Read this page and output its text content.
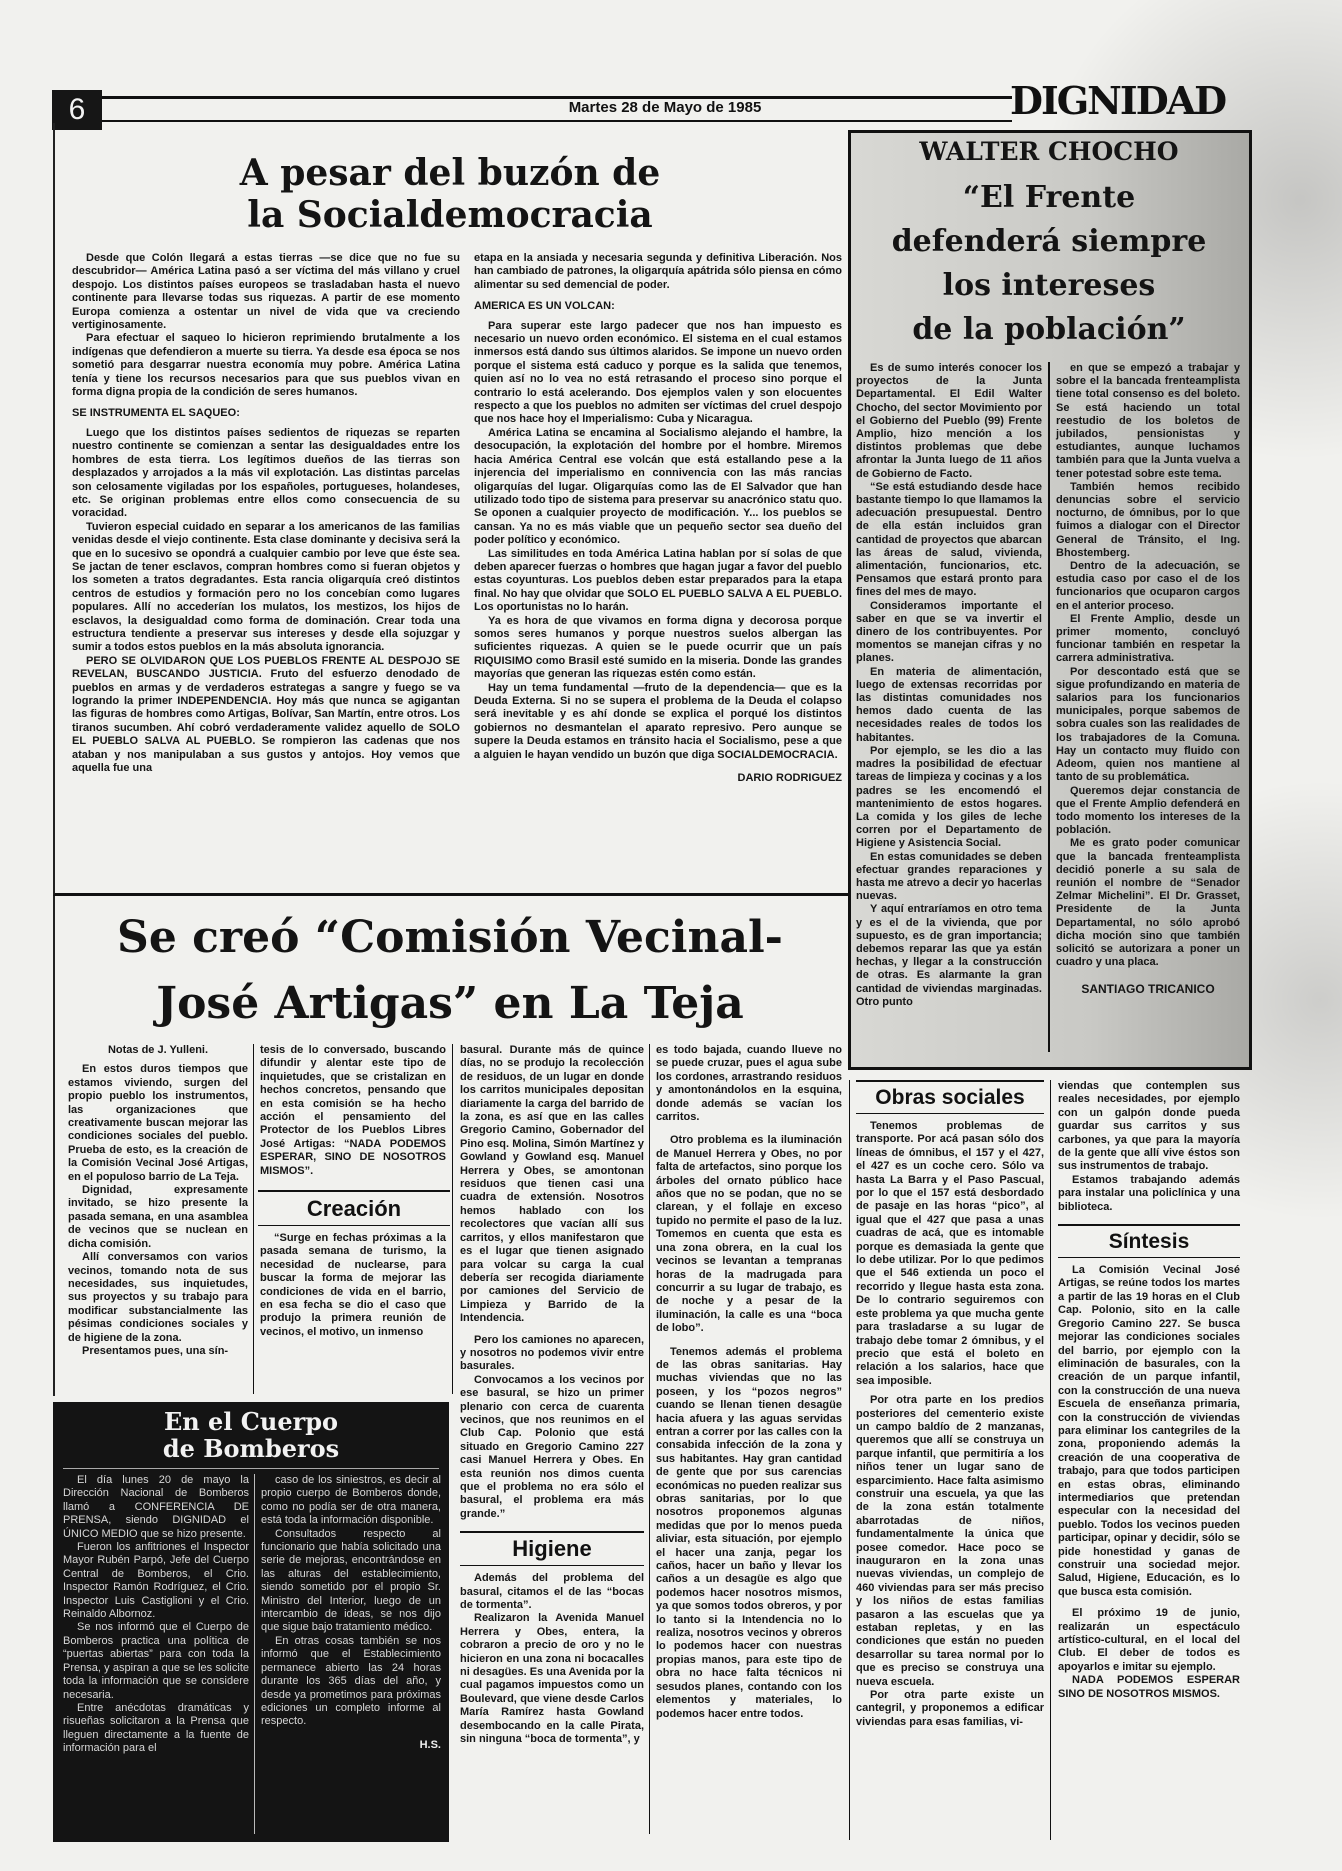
6	Martes 28 de Mayo de 1985	DIGNIDAD
A pesar del buzón de
la Socialdemocracia

Desde que Colón llegará a estas tierras —se dice que no fue su descubridor— América Latina pasó a ser víctima del más villano y cruel despojo. Los distintos países europeos se trasladaban hasta el nuevo continente para llevarse todas sus riquezas. A partir de ese momento Europa comienza a ostentar un nivel de vida que va creciendo vertiginosamente.

Para efectuar el saqueo lo hicieron reprimiendo brutalmente a los indígenas que defendieron a muerte su tierra. Ya desde esa época se nos sometió para desgarrar nuestra economía muy pobre. América Latina tenía y tiene los recursos necesarios para que sus pueblos vivan en forma digna propia de la condición de seres humanos.

SE INSTRUMENTA EL SAQUEO:

Luego que los distintos países sedientos de riquezas se reparten nuestro continente se comienzan a sentar las desigualdades entre los hombres de esta tierra. Los legítimos dueños de las tierras son desplazados y arrojados a la más vil explotación. Las distintas parcelas son celosamente vigiladas por los españoles, portugueses, holandeses, etc. Se originan problemas entre ellos como consecuencia de su voracidad.

Tuvieron especial cuidado en separar a los americanos de las familias venidas desde el viejo continente. Esta clase dominante y decisiva será la que en lo sucesivo se opondrá a cualquier cambio por leve que éste sea. Se jactan de tener esclavos, compran hombres como si fueran objetos y los someten a tratos degradantes. Esta rancia oligarquía creó distintos centros de estudios y formación pero no los concebían como lugares populares. Allí no accederían los mulatos, los mestizos, los hijos de esclavos, la desigualdad como forma de dominación. Crear toda una estructura tendiente a preservar sus intereses y desde ella sojuzgar y sumir a todos estos pueblos en la más absoluta ignorancia.

PERO SE OLVIDARON QUE LOS PUEBLOS FRENTE AL DESPOJO SE REVELAN, BUSCANDO JUSTICIA. Fruto del esfuerzo denodado de pueblos en armas y de verdaderos estrategas a sangre y fuego se va logrando la primer INDEPENDENCIA. Hoy más que nunca se agigantan las figuras de hombres como Artigas, Bolívar, San Martín, entre otros. Los tiranos sucumben. Ahí cobró verdaderamente validez aquello de SOLO EL PUEBLO SALVA AL PUEBLO. Se rompieron las cadenas que nos ataban y nos manipulaban a sus gustos y antojos. Hoy vemos que aquella fue una

etapa en la ansiada y necesaria segunda y definitiva Liberación. Nos han cambiado de patrones, la oligarquía apátrida sólo piensa en cómo alimentar su sed demencial de poder.

AMERICA ES UN VOLCAN:

Para superar este largo padecer que nos han impuesto es necesario un nuevo orden económico. El sistema en el cual estamos inmersos está dando sus últimos alaridos. Se impone un nuevo orden porque el sistema está caduco y porque es la salida que tenemos, quien así no lo vea no está retrasando el proceso sino porque el contrario lo está acelerando. Dos ejemplos valen y son elocuentes respecto a que los pueblos no admiten ser víctimas del cruel despojo que nos hace hoy el Imperialismo: Cuba y Nicaragua.

América Latina se encamina al Socialismo alejando el hambre, la desocupación, la explotación del hombre por el hombre. Miremos hacia América Central ese volcán que está estallando pese a la injerencia del imperialismo en connivencia con las más rancias oligarquías del lugar. Oligarquías como las de El Salvador que han utilizado todo tipo de sistema para preservar su anacrónico statu quo. Se oponen a cualquier proyecto de modificación. Y... los pueblos se cansan. Ya no es más viable que un pequeño sector sea dueño del poder político y económico.

Las similitudes en toda América Latina hablan por sí solas de que deben aparecer fuerzas o hombres que hagan jugar a favor del pueblo estas coyunturas. Los pueblos deben estar preparados para la etapa final. No hay que olvidar que SOLO EL PUEBLO SALVA A EL PUEBLO. Los oportunistas no lo harán.

Ya es hora de que vivamos en forma digna y decorosa porque somos seres humanos y porque nuestros suelos albergan las suficientes riquezas. A quien se le puede ocurrir que un país RIQUISIMO como Brasil esté sumido en la miseria. Donde las grandes mayorías que generan las riquezas estén como están.

Hay un tema fundamental —fruto de la dependencia— que es la Deuda Externa. Si no se supera el problema de la Deuda el colapso será inevitable y es ahí donde se explica el porqué los distintos gobiernos no desmantelan el aparato represivo. Pero aunque se supere la Deuda estamos en tránsito hacia el Socialismo, pese a que a alguien le hayan vendido un buzón que diga SOCIALDEMOCRACIA.

DARIO RODRIGUEZ

WALTER CHOCHO
“El Frente
defenderá siempre
los intereses
de la población”

Es de sumo interés conocer los proyectos de la Junta Departamental. El Edil Walter Chocho, del sector Movimiento por el Gobierno del Pueblo (99) Frente Amplio, hizo mención a los distintos problemas que debe afrontar la Junta luego de 11 años de Gobierno de Facto.

“Se está estudiando desde hace bastante tiempo lo que llamamos la adecuación presupuestal. Dentro de ella están incluidos gran cantidad de proyectos que abarcan las áreas de salud, vivienda, alimentación, funcionarios, etc. Pensamos que estará pronto para fines del mes de mayo.

Consideramos importante el saber en que se va invertir el dinero de los contribuyentes. Por momentos se manejan cifras y no planes.

En materia de alimentación, luego de extensas recorridas por las distintas comunidades nos hemos dado cuenta de las necesidades reales de todos los habitantes.

Por ejemplo, se les dio a las madres la posibilidad de efectuar tareas de limpieza y cocinas y a los padres se les encomendó el mantenimiento de estos hogares. La comida y los giles de leche corren por el Departamento de Higiene y Asistencia Social.

En estas comunidades se deben efectuar grandes reparaciones y hasta me atrevo a decir yo hacerlas nuevas.

Y aquí entraríamos en otro tema y es el de la vivienda, que por supuesto, es de gran importancia; debemos reparar las que ya están hechas, y llegar a la construcción de otras. Es alarmante la gran cantidad de viviendas marginadas. Otro punto

en que se empezó a trabajar y sobre el la bancada frenteamplista tiene total consenso es del boleto. Se está haciendo un total reestudio de los boletos de jubilados, pensionistas y estudiantes, aunque luchamos también para que la Junta vuelva a tener potestad sobre este tema.

También hemos recibido denuncias sobre el servicio nocturno, de ómnibus, por lo que fuimos a dialogar con el Director General de Tránsito, el Ing. Bhostemberg.

Dentro de la adecuación, se estudia caso por caso el de los funcionarios que ocuparon cargos en el anterior proceso.

El Frente Amplio, desde un primer momento, concluyó funcionar también en respetar la carrera administrativa.

Por descontado está que se sigue profundizando en materia de salarios para los funcionarios municipales, porque sabemos de sobra cuales son las realidades de los trabajadores de la Comuna. Hay un contacto muy fluido con Adeom, quien nos mantiene al tanto de su problemática.

Queremos dejar constancia de que el Frente Amplio defenderá en todo momento los intereses de la población.

Me es grato poder comunicar que la bancada frenteamplista decidió ponerle a su sala de reunión el nombre de “Senador Zelmar Michelini”. El Dr. Grasset, Presidente de la Junta Departamental, no sólo aprobó dicha moción sino que también solicitó se autorizara a poner un cuadro y una placa.

SANTIAGO TRICANICO

Se creó “Comisión Vecinal-
José Artigas” en La Teja

Notas de J. Yulleni.

En estos duros tiempos que estamos viviendo, surgen del propio pueblo los instrumentos, las organizaciones que creativamente buscan mejorar las condiciones sociales del pueblo. Prueba de esto, es la creación de la Comisión Vecinal José Artigas, en el populoso barrio de La Teja.

Dignidad, expresamente invitado, se hizo presente la pasada semana, en una asamblea de vecinos que se nuclean en dicha comisión.

Allí conversamos con varios vecinos, tomando nota de sus necesidades, sus inquietudes, sus proyectos y su trabajo para modificar substancialmente las pésimas condiciones sociales y de higiene de la zona.

Presentamos pues, una sín-

tesis de lo conversado, buscando difundir y alentar este tipo de inquietudes, que se cristalizan en hechos concretos, pensando que en esta comisión se ha hecho acción el pensamiento del Protector de los Pueblos Libres José Artigas: “NADA PODEMOS ESPERAR, SINO DE NOSOTROS MISMOS”.

Creación

“Surge en fechas próximas a la pasada semana de turismo, la necesidad de nuclearse, para buscar la forma de mejorar las condiciones de vida en el barrio, en esa fecha se dio el caso que produjo la primera reunión de vecinos, el motivo, un inmenso

En el Cuerpo
de Bomberos

El día lunes 20 de mayo la Dirección Nacional de Bomberos llamó a CONFERENCIA DE PRENSA, siendo DIGNIDAD el ÚNICO MEDIO que se hizo presente.

Fueron los anfitriones el Inspector Mayor Rubén Parpó, Jefe del Cuerpo Central de Bomberos, el Crio. Inspector Ramón Rodríguez, el Crio. Inspector Luis Castiglioni y el Crio. Reinaldo Albornoz.

Se nos informó que el Cuerpo de Bomberos practica una política de “puertas abiertas” para con toda la Prensa, y aspiran a que se les solicite toda la información que se considere necesaria.

Entre anécdotas dramáticas y risueñas solicitaron a la Prensa que lleguen directamente a la fuente de información para el

caso de los siniestros, es decir al propio cuerpo de Bomberos donde, como no podía ser de otra manera, está toda la información disponible.

Consultados respecto al funcionario que había solicitado una serie de mejoras, encontrándose en las alturas del establecimiento, siendo sometido por el propio Sr. Ministro del Interior, luego de un intercambio de ideas, se nos dijo que sigue bajo tratamiento médico.

En otras cosas también se nos informó que el Establecimiento permanece abierto las 24 horas durante los 365 días del año, y desde ya prometimos para próximas ediciones un completo informe al respecto.

H.S.

basural. Durante más de quince días, no se produjo la recolección de residuos, de un lugar en donde los carritos municipales depositan diariamente la carga del barrido de la zona, es así que en las calles Gregorio Camino, Gobernador del Pino esq. Molina, Simón Martínez y Gowland y Gowland esq. Manuel Herrera y Obes, se amontonan residuos que tienen casi una cuadra de extensión. Nosotros hemos hablado con los recolectores que vacían allí sus carritos, y ellos manifestaron que es el lugar que tienen asignado para volcar su carga la cual debería ser recogida diariamente por camiones del Servicio de Limpieza y Barrido de la Intendencia.

Pero los camiones no aparecen, y nosotros no podemos vivir entre basurales.

Convocamos a los vecinos por ese basural, se hizo un primer plenario con cerca de cuarenta vecinos, que nos reunimos en el Club Cap. Polonio que está situado en Gregorio Camino 227 casi Manuel Herrera y Obes. En esta reunión nos dimos cuenta que el problema no era sólo el basural, el problema era más grande.”

Higiene

Además del problema del basural, citamos el de las “bocas de tormenta”.

Realizaron la Avenida Manuel Herrera y Obes, entera, la cobraron a precio de oro y no le hicieron en una zona ni bocacalles ni desagües. Es una Avenida por la cual pagamos impuestos como un Boulevard, que viene desde Carlos María Ramírez hasta Gowland desembocando en la calle Pirata, sin ninguna “boca de tormenta”, y

es todo bajada, cuando llueve no se puede cruzar, pues el agua sube los cordones, arrastrando residuos y amontonándolos en la esquina, donde además se vacían los carritos.

Otro problema es la iluminación de Manuel Herrera y Obes, no por falta de artefactos, sino porque los árboles del ornato público hace años que no se podan, que no se clarean, y el follaje en exceso tupido no permite el paso de la luz. Tomemos en cuenta que esta es una zona obrera, en la cual los vecinos se levantan a tempranas horas de la madrugada para concurrir a su lugar de trabajo, es de noche y a pesar de la iluminación, la calle es una “boca de lobo”.

Tenemos además el problema de las obras sanitarias. Hay muchas viviendas que no las poseen, y los “pozos negros” cuando se llenan tienen desagüe hacia afuera y las aguas servidas entran a correr por las calles con la consabida infección de la zona y sus habitantes. Hay gran cantidad de gente que por sus carencias económicas no pueden realizar sus obras sanitarias, por lo que nosotros proponemos algunas medidas que por lo menos pueda aliviar, esta situación, por ejemplo el hacer una zanja, pegar los caños, hacer un baño y llevar los caños a un desagüe es algo que podemos hacer nosotros mismos, ya que somos todos obreros, y por lo tanto si la Intendencia no lo realiza, nosotros vecinos y obreros lo podemos hacer con nuestras propias manos, para este tipo de obra no hace falta técnicos ni sesudos planes, contando con los elementos y materiales, lo podemos hacer entre todos.

Obras sociales

Tenemos problemas de transporte. Por acá pasan sólo dos líneas de ómnibus, el 157 y el 427, el 427 es un coche cero. Sólo va hasta La Barra y el Paso Pascual, por lo que el 157 está desbordado de pasaje en las horas “pico”, al igual que el 427 que pasa a unas cuadras de acá, que es intomable porque es demasiada la gente que lo debe utilizar. Por lo que pedimos que el 546 extienda un poco el recorrido y llegue hasta esta zona. De lo contrario seguiremos con este problema ya que mucha gente para trasladarse a su lugar de trabajo debe tomar 2 ómnibus, y el precio que está el boleto en relación a los salarios, hace que sea imposible.

Por otra parte en los predios posteriores del cementerio existe un campo baldío de 2 manzanas, queremos que allí se construya un parque infantil, que permitiría a los niños tener un lugar sano de esparcimiento. Hace falta asimismo construir una escuela, ya que las de la zona están totalmente abarrotadas de niños, fundamentalmente la única que posee comedor. Hace poco se inauguraron en la zona unas nuevas viviendas, un complejo de 460 viviendas para ser más preciso y los niños de estas familias pasaron a las escuelas que ya estaban repletas, y en las condiciones que están no pueden desarrollar su tarea normal por lo que es preciso se construya una nueva escuela.

Por otra parte existe un cantegril, y proponemos a edificar viviendas para esas familias, vi-

viendas que contemplen sus reales necesidades, por ejemplo con un galpón donde pueda guardar sus carritos y sus carbones, ya que para la mayoría de la gente que allí vive éstos son sus instrumentos de trabajo.

Estamos trabajando además para instalar una policlínica y una biblioteca.

Síntesis

La Comisión Vecinal José Artigas, se reúne todos los martes a partir de las 19 horas en el Club Cap. Polonio, sito en la calle Gregorio Camino 227. Se busca mejorar las condiciones sociales del barrio, por ejemplo con la eliminación de basurales, con la creación de un parque infantil, con la construcción de una nueva Escuela de enseñanza primaria, con la construcción de viviendas para eliminar los cantegriles de la zona, proponiendo además la creación de una cooperativa de trabajo, para que todos participen en estas obras, eliminando intermediarios que pretendan especular con la necesidad del pueblo. Todos los vecinos pueden participar, opinar y decidir, sólo se pide honestidad y ganas de construir una sociedad mejor. Salud, Higiene, Educación, es lo que busca esta comisión.

El próximo 19 de junio, realizarán un espectáculo artístico-cultural, en el local del Club. El deber de todos es apoyarlos e imitar su ejemplo.

NADA PODEMOS ESPERAR SINO DE NOSOTROS MISMOS.
